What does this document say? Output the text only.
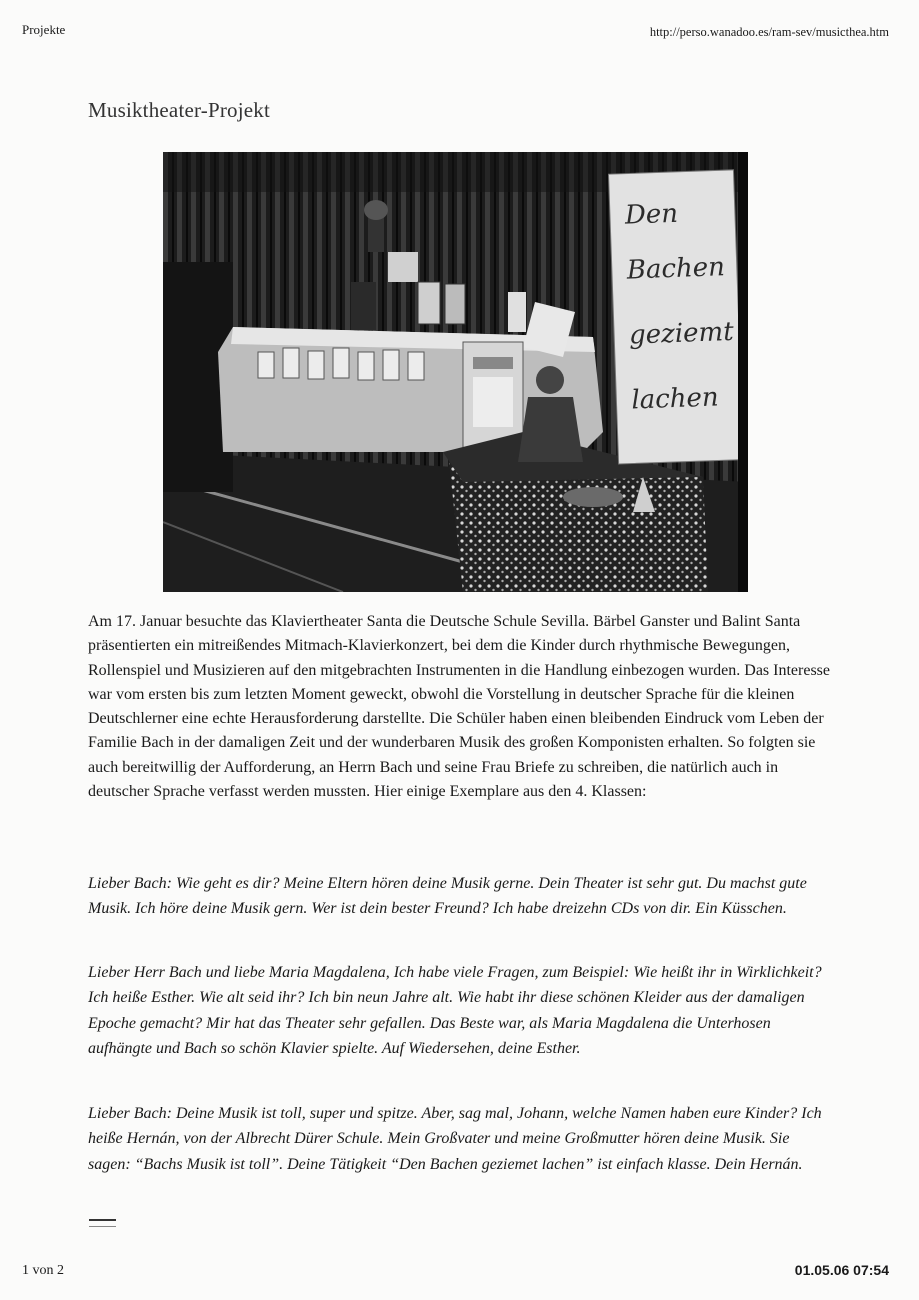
Projekte	http://perso.wanadoo.es/ram-sev/musicthea.htm
Musiktheater-Projekt
Den
Bachen
geziemt
lachen

Am 17. Januar besuchte das Klaviertheater Santa die Deutsche Schule Sevilla. Bärbel Ganster und Balint Santa präsentierten ein mitreißendes Mitmach-Klavierkonzert, bei dem die Kinder durch rhythmische Bewegungen, Rollenspiel und Musizieren auf den mitgebrachten Instrumenten in die Handlung einbezogen wurden. Das Interesse war vom ersten bis zum letzten Moment geweckt, obwohl die Vorstellung in deutscher Sprache für die kleinen Deutschlerner eine echte Herausforderung darstellte. Die Schüler haben einen bleibenden Eindruck vom Leben der Familie Bach in der damaligen Zeit und der wunderbaren Musik des großen Komponisten erhalten. So folgten sie auch bereitwillig der Aufforderung, an Herrn Bach und seine Frau Briefe zu schreiben, die natürlich auch in deutscher Sprache verfasst werden mussten. Hier einige Exemplare aus den 4. Klassen:

Lieber Bach: Wie geht es dir? Meine Eltern hören deine Musik gerne. Dein Theater ist sehr gut. Du machst gute Musik. Ich höre deine Musik gern. Wer ist dein bester Freund? Ich habe dreizehn CDs von dir. Ein Küsschen.

Lieber Herr Bach und liebe Maria Magdalena, Ich habe viele Fragen, zum Beispiel: Wie heißt ihr in Wirklichkeit? Ich heiße Esther. Wie alt seid ihr? Ich bin neun Jahre alt. Wie habt ihr diese schönen Kleider aus der damaligen Epoche gemacht? Mir hat das Theater sehr gefallen. Das Beste war, als Maria Magdalena die Unterhosen aufhängte und Bach so schön Klavier spielte. Auf Wiedersehen, deine Esther.

Lieber Bach: Deine Musik ist toll, super und spitze. Aber, sag mal, Johann, welche Namen haben eure Kinder? Ich heiße Hernán, von der Albrecht Dürer Schule. Mein Großvater und meine Großmutter hören deine Musik. Sie sagen: “Bachs Musik ist toll”. Deine Tätigkeit “Den Bachen geziemet lachen” ist einfach klasse. Dein Hernán.

1 von 2	01.05.06 07:54
